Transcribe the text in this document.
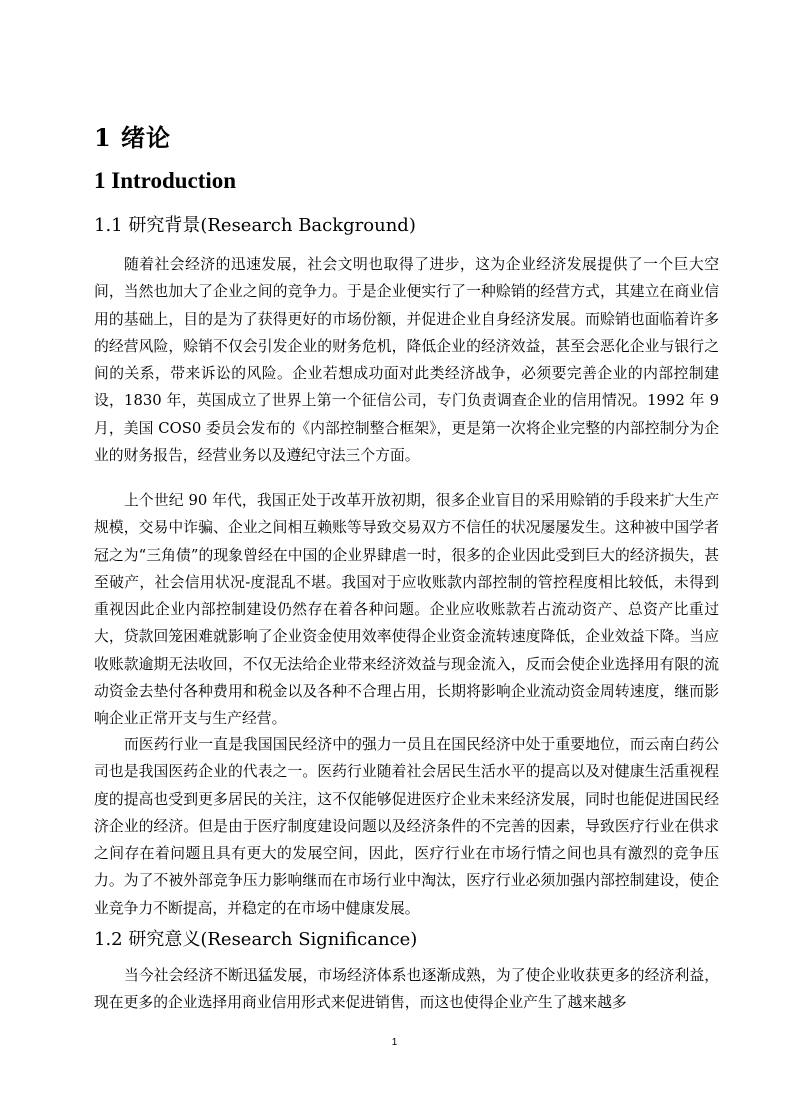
1 绪论
1 Introduction
1.1 研究背景(Research Background)

随着社会经济的迅速发展，社会文明也取得了进步，这为企业经济发展提供了一个巨大空间，当然也加大了企业之间的竞争力。于是企业便实行了一种赊销的经营方式，其建立在商业信用的基础上，目的是为了获得更好的市场份额，并促进企业自身经济发展。而赊销也面临着许多的经营风险，赊销不仅会引发企业的财务危机，降低企业的经济效益，甚至会恶化企业与银行之间的关系，带来诉讼的风险。企业若想成功面对此类经济战争，必须要完善企业的内部控制建设，1830 年，英国成立了世界上第一个征信公司，专门负责调查企业的信用情况。1992 年 9 月，美国 COS0 委员会发布的《内部控制整合框架》，更是第一次将企业完整的内部控制分为企业的财务报告，经营业务以及遵纪守法三个方面。

上个世纪 90 年代，我国正处于改革开放初期，很多企业盲目的采用赊销的手段来扩大生产规模，交易中诈骗、企业之间相互赖账等导致交易双方不信任的状况屡屡发生。这种被中国学者冠之为“三角债”的现象曾经在中国的企业界肆虐一时，很多的企业因此受到巨大的经济损失，甚至破产，社会信用状况-度混乱不堪。我国对于应收账款内部控制的管控程度相比较低，未得到重视因此企业内部控制建设仍然存在着各种问题。企业应收账款若占流动资产、总资产比重过大，贷款回笼困难就影响了企业资金使用效率使得企业资金流转速度降低，企业效益下降。当应收账款逾期无法收回，不仅无法给企业带来经济效益与现金流入，反而会使企业选择用有限的流动资金去垫付各种费用和税金以及各种不合理占用，长期将影响企业流动资金周转速度，继而影响企业正常开支与生产经营。

而医药行业一直是我国国民经济中的强力一员且在国民经济中处于重要地位，而云南白药公司也是我国医药企业的代表之一。医药行业随着社会居民生活水平的提高以及对健康生活重视程度的提高也受到更多居民的关注，这不仅能够促进医疗企业未来经济发展，同时也能促进国民经济企业的经济。但是由于医疗制度建设问题以及经济条件的不完善的因素，导致医疗行业在供求之间存在着问题且具有更大的发展空间，因此，医疗行业在市场行情之间也具有激烈的竞争压力。为了不被外部竞争压力影响继而在市场行业中淘汰，医疗行业必须加强内部控制建设，使企业竞争力不断提高，并稳定的在市场中健康发展。

1.2 研究意义(Research Significance)

当今社会经济不断迅猛发展，市场经济体系也逐渐成熟，为了使企业收获更多的经济利益，现在更多的企业选择用商业信用形式来促进销售，而这也使得企业产生了越来越多

1
